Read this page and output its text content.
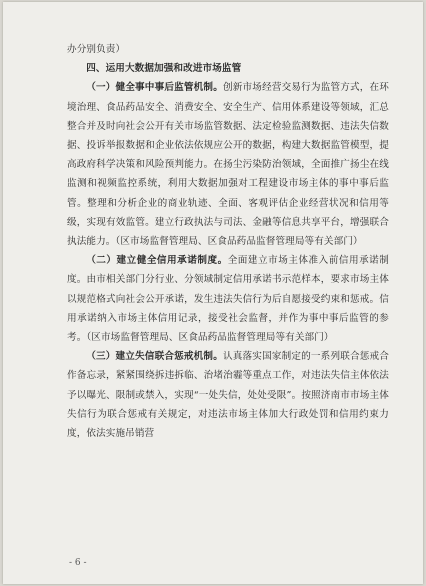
办分别负责）

四、运用大数据加强和改进市场监管

（一）健全事中事后监管机制。创新市场经营交易行为监管方式，在环境治理、食品药品安全、消费安全、安全生产、信用体系建设等领域，汇总整合并及时向社会公开有关市场监管数据、法定检验监测数据、违法失信数据、投诉举报数据和企业依法依规应公开的数据，构建大数据监管模型，提高政府科学决策和风险预判能力。在扬尘污染防治领域，全面推广扬尘在线监测和视频监控系统，利用大数据加强对工程建设市场主体的事中事后监管。整理和分析企业的商业轨迹、全面、客观评估企业经营状况和信用等级，实现有效监管。建立行政执法与司法、金融等信息共享平台，增强联合执法能力。（区市场监督管理局、区食品药品监督管理局等有关部门）

（二）建立健全信用承诺制度。全面建立市场主体准入前信用承诺制度。由市相关部门分行业、分领域制定信用承诺书示范样本，要求市场主体以规范格式向社会公开承诺，发生违法失信行为后自愿接受约束和惩戒。信用承诺纳入市场主体信用记录，接受社会监督，并作为事中事后监管的参考。（区市场监督管理局、区食品药品监督管理局等有关部门）

（三）建立失信联合惩戒机制。认真落实国家制定的一系列联合惩戒合作备忘录，紧紧围绕拆违拆临、治堵治霾等重点工作，对违法失信主体依法予以曝光、限制或禁入，实现“一处失信，处处受限”。按照济南市市场主体失信行为联合惩戒有关规定，对违法市场主体加大行政处罚和信用约束力度，依法实施吊销营

- 6 -
